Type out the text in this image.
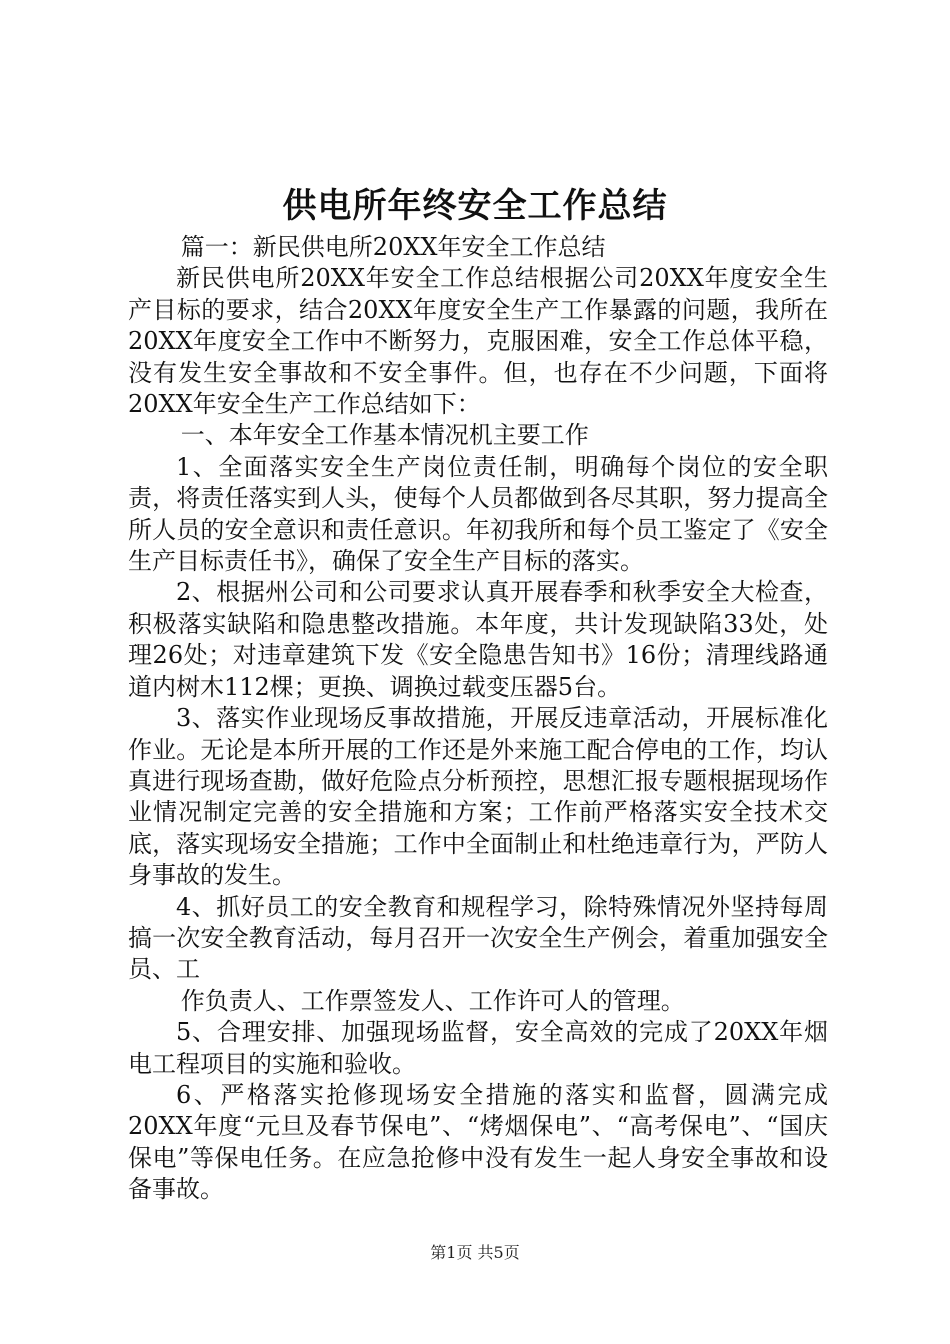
供电所年终安全工作总结

篇一：新民供电所20XX年安全工作总结

新民供电所20XX年安全工作总结根据公司20XX年度安全生产目标的要求，结合20XX年度安全生产工作暴露的问题，我所在20XX年度安全工作中不断努力，克服困难，安全工作总体平稳，没有发生安全事故和不安全事件。但，也存在不少问题，下面将20XX年安全生产工作总结如下：

一、本年安全工作基本情况机主要工作

1、全面落实安全生产岗位责任制，明确每个岗位的安全职责，将责任落实到人头，使每个人员都做到各尽其职，努力提高全所人员的安全意识和责任意识。年初我所和每个员工鉴定了《安全生产目标责任书》，确保了安全生产目标的落实。

2、根据州公司和公司要求认真开展春季和秋季安全大检查，积极落实缺陷和隐患整改措施。本年度，共计发现缺陷33处，处理26处；对违章建筑下发《安全隐患告知书》16份；清理线路通道内树木112棵；更换、调换过载变压器5台。

3、落实作业现场反事故措施，开展反违章活动，开展标准化作业。无论是本所开展的工作还是外来施工配合停电的工作，均认真进行现场查勘，做好危险点分析预控，思想汇报专题根据现场作业情况制定完善的安全措施和方案；工作前严格落实安全技术交底，落实现场安全措施；工作中全面制止和杜绝违章行为，严防人身事故的发生。

4、抓好员工的安全教育和规程学习，除特殊情况外坚持每周搞一次安全教育活动，每月召开一次安全生产例会，着重加强安全员、工

作负责人、工作票签发人、工作许可人的管理。

5、合理安排、加强现场监督，安全高效的完成了20XX年烟电工程项目的实施和验收。

6、严格落实抢修现场安全措施的落实和监督，圆满完成20XX年度“元旦及春节保电”、“烤烟保电”、“高考保电”、“国庆保电”等保电任务。在应急抢修中没有发生一起人身安全事故和设备事故。

第1页 共5页
